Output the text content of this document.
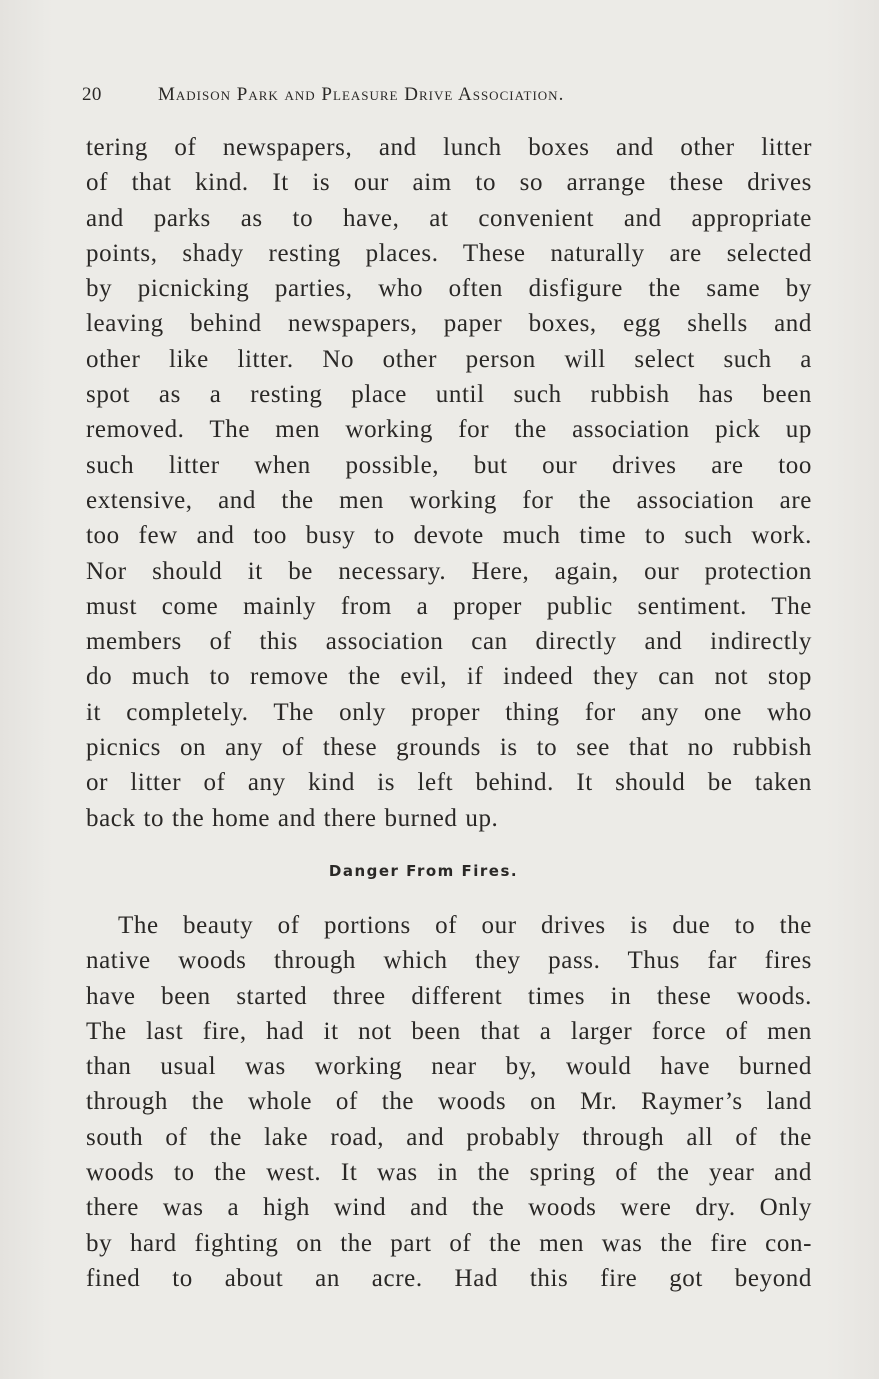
20	Madison Park and Pleasure Drive Association.
tering of newspapers, and lunch boxes and other litter
of that kind. It is our aim to so arrange these drives
and parks as to have, at convenient and appropriate
points, shady resting places. These naturally are selected
by picnicking parties, who often disfigure the same by
leaving behind newspapers, paper boxes, egg shells and
other like litter. No other person will select such a
spot as a resting place until such rubbish has been
removed. The men working for the association pick up
such litter when possible, but our drives are too
extensive, and the men working for the association are
too few and too busy to devote much time to such work.
Nor should it be necessary. Here, again, our protection
must come mainly from a proper public sentiment. The
members of this association can directly and indirectly
do much to remove the evil, if indeed they can not stop
it completely. The only proper thing for any one who
picnics on any of these grounds is to see that no rubbish
or litter of any kind is left behind. It should be taken
back to the home and there burned up.
Danger From Fires.
The beauty of portions of our drives is due to the
native woods through which they pass. Thus far fires
have been started three different times in these woods.
The last fire, had it not been that a larger force of men
than usual was working near by, would have burned
through the whole of the woods on Mr. Raymer’s land
south of the lake road, and probably through all of the
woods to the west. It was in the spring of the year and
there was a high wind and the woods were dry. Only
by hard fighting on the part of the men was the fire con-
fined to about an acre. Had this fire got beyond
